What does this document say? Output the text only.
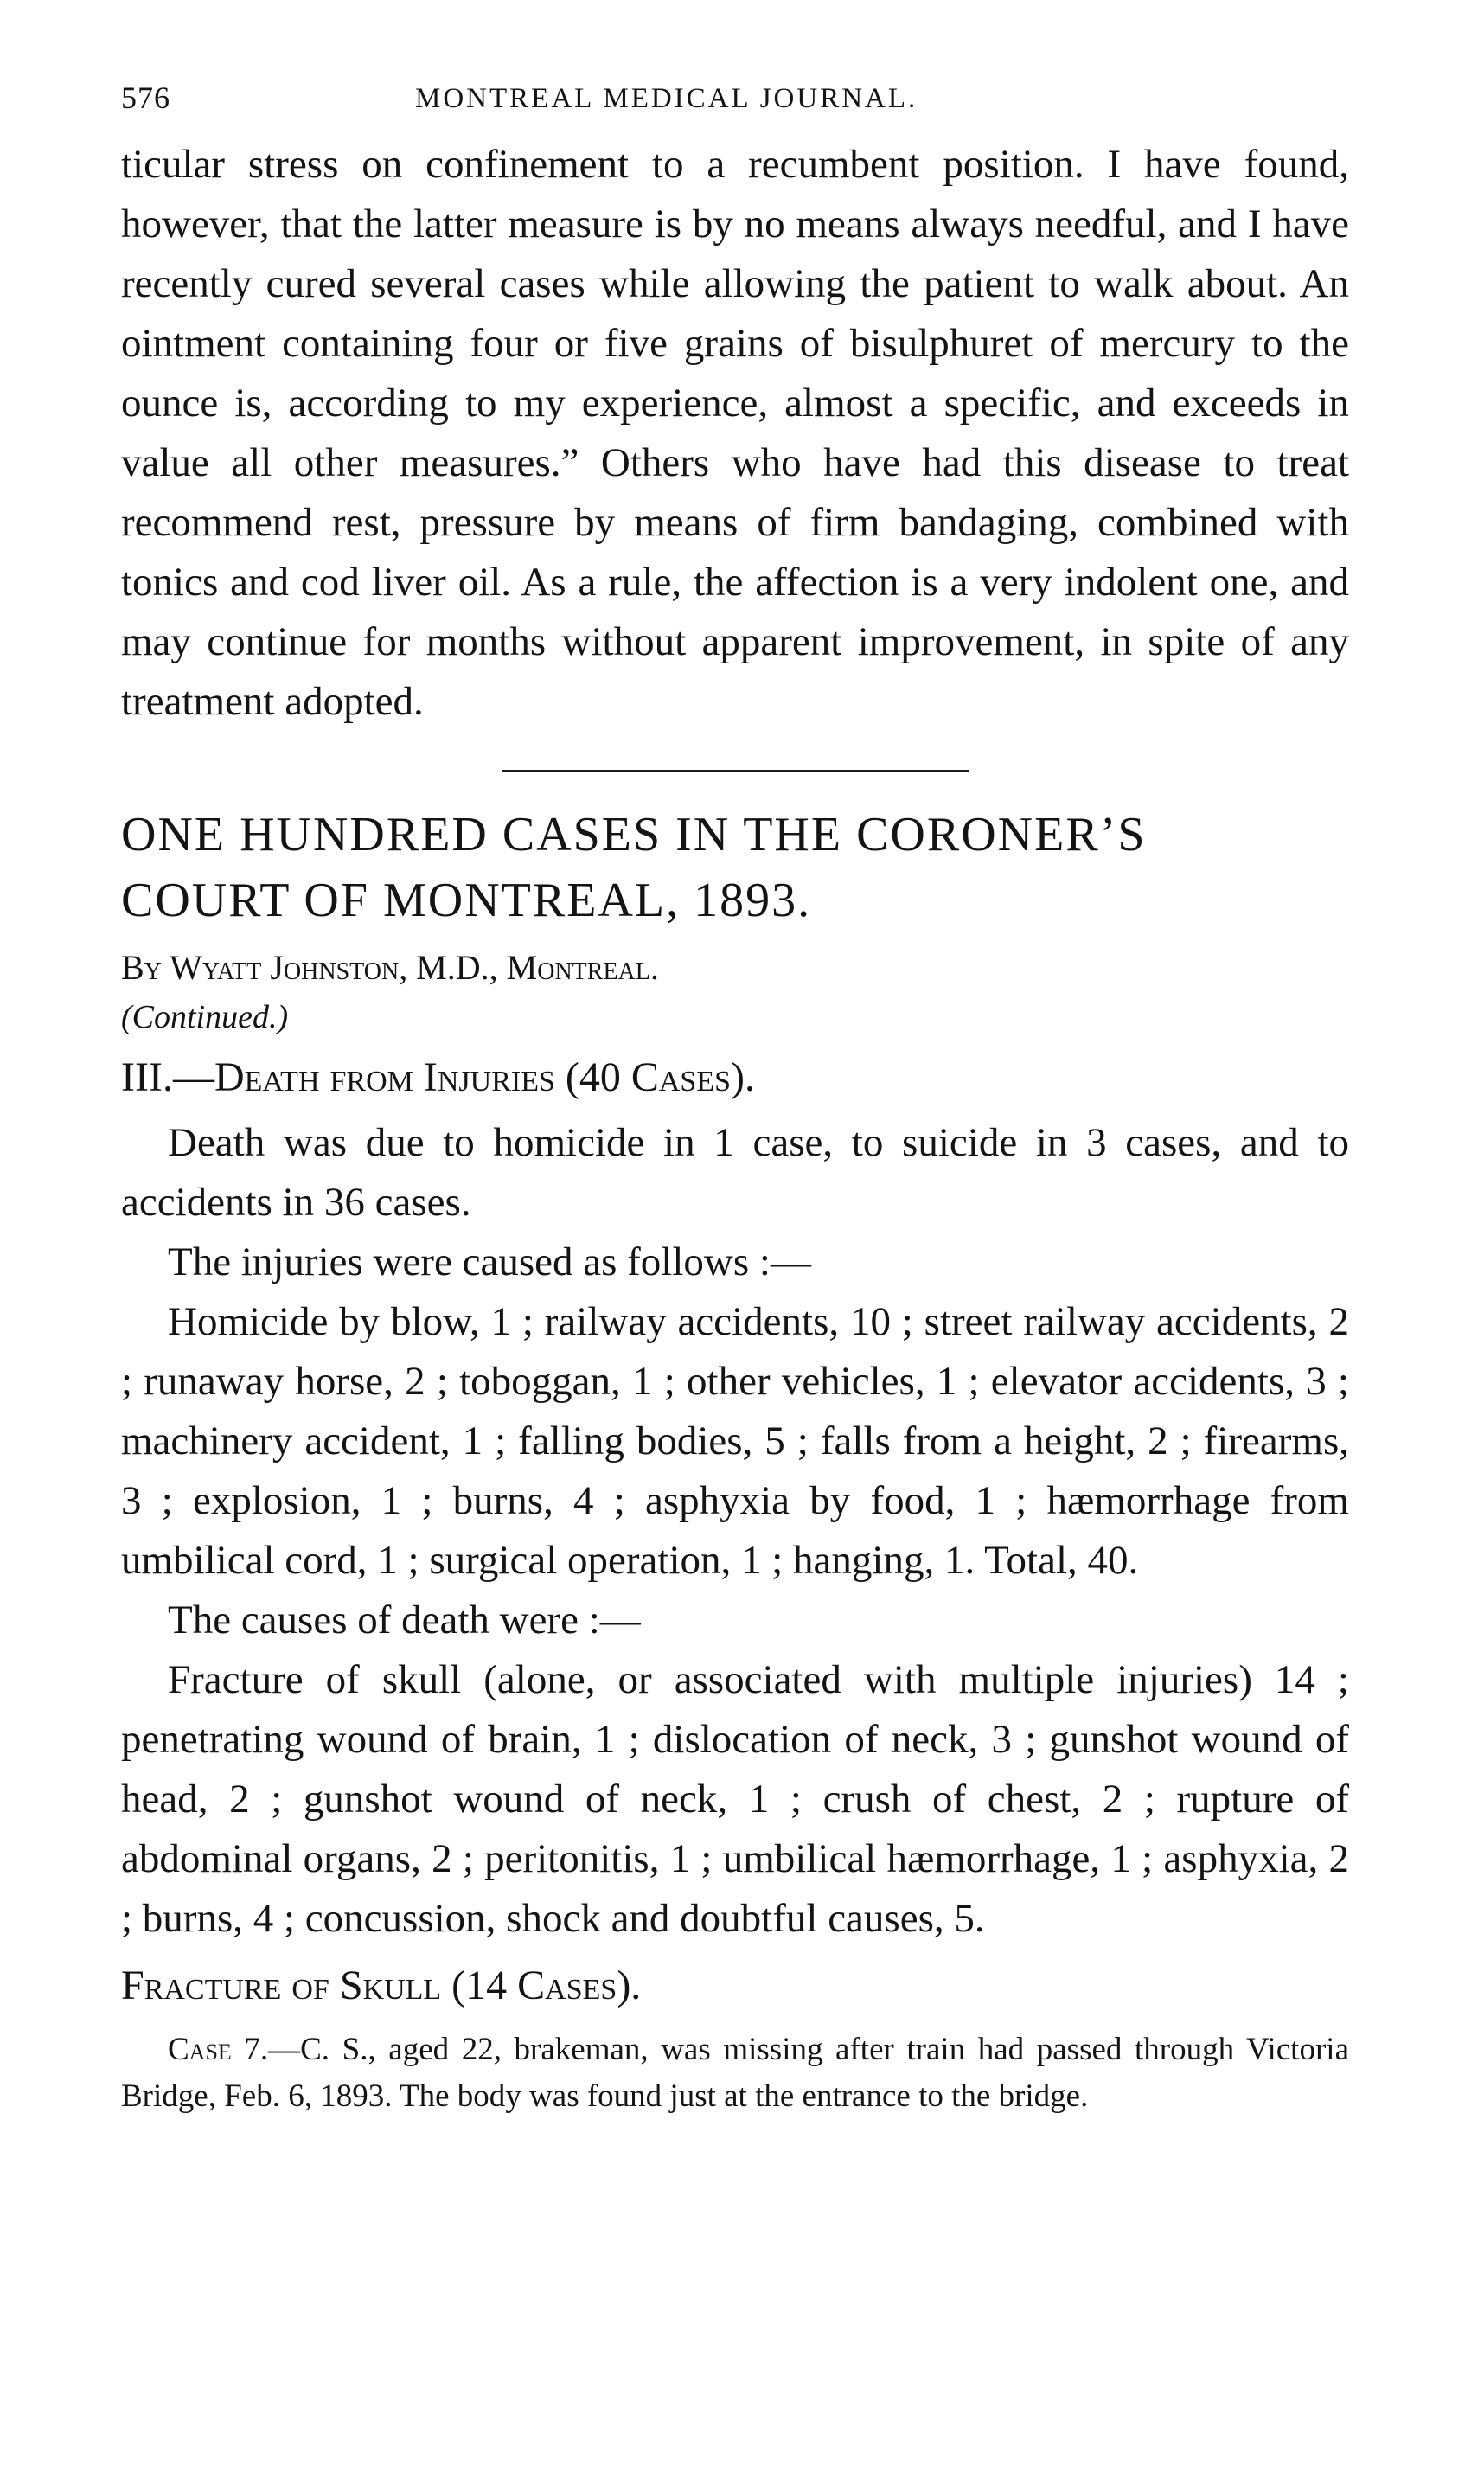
576	MONTREAL MEDICAL JOURNAL.

ticular stress on confinement to a recumbent position. I have found, however, that the latter measure is by no means always needful, and I have recently cured several cases while allowing the patient to walk about. An ointment containing four or five grains of bisulphuret of mercury to the ounce is, according to my experience, almost a specific, and exceeds in value all other measures.” Others who have had this disease to treat recommend rest, pressure by means of firm bandaging, combined with tonics and cod liver oil. As a rule, the affection is a very indolent one, and may continue for months without apparent improvement, in spite of any treatment adopted.

ONE HUNDRED CASES IN THE CORONER’S

COURT OF MONTREAL, 1893.

By Wyatt Johnston, M.D., Montreal.

(Continued.)

III.—Death from Injuries (40 Cases).

Death was due to homicide in 1 case, to suicide in 3 cases, and to accidents in 36 cases.

The injuries were caused as follows :—

Homicide by blow, 1 ; railway accidents, 10 ; street railway accidents, 2 ; runaway horse, 2 ; toboggan, 1 ; other vehicles, 1 ; elevator accidents, 3 ; machinery accident, 1 ; falling bodies, 5 ; falls from a height, 2 ; firearms, 3 ; explosion, 1 ; burns, 4 ; asphyxia by food, 1 ; hæmorrhage from umbilical cord, 1 ; surgical operation, 1 ; hanging, 1. Total, 40.

The causes of death were :—

Fracture of skull (alone, or associated with multiple injuries) 14 ; penetrating wound of brain, 1 ; dislocation of neck, 3 ; gunshot wound of head, 2 ; gunshot wound of neck, 1 ; crush of chest, 2 ; rupture of abdominal organs, 2 ; peritonitis, 1 ; umbilical hæmorrhage, 1 ; asphyxia, 2 ; burns, 4 ; concussion, shock and doubtful causes, 5.

Fracture of Skull (14 Cases).

Case 7.—C. S., aged 22, brakeman, was missing after train had passed through Victoria Bridge, Feb. 6, 1893. The body was found just at the entrance to the bridge.
